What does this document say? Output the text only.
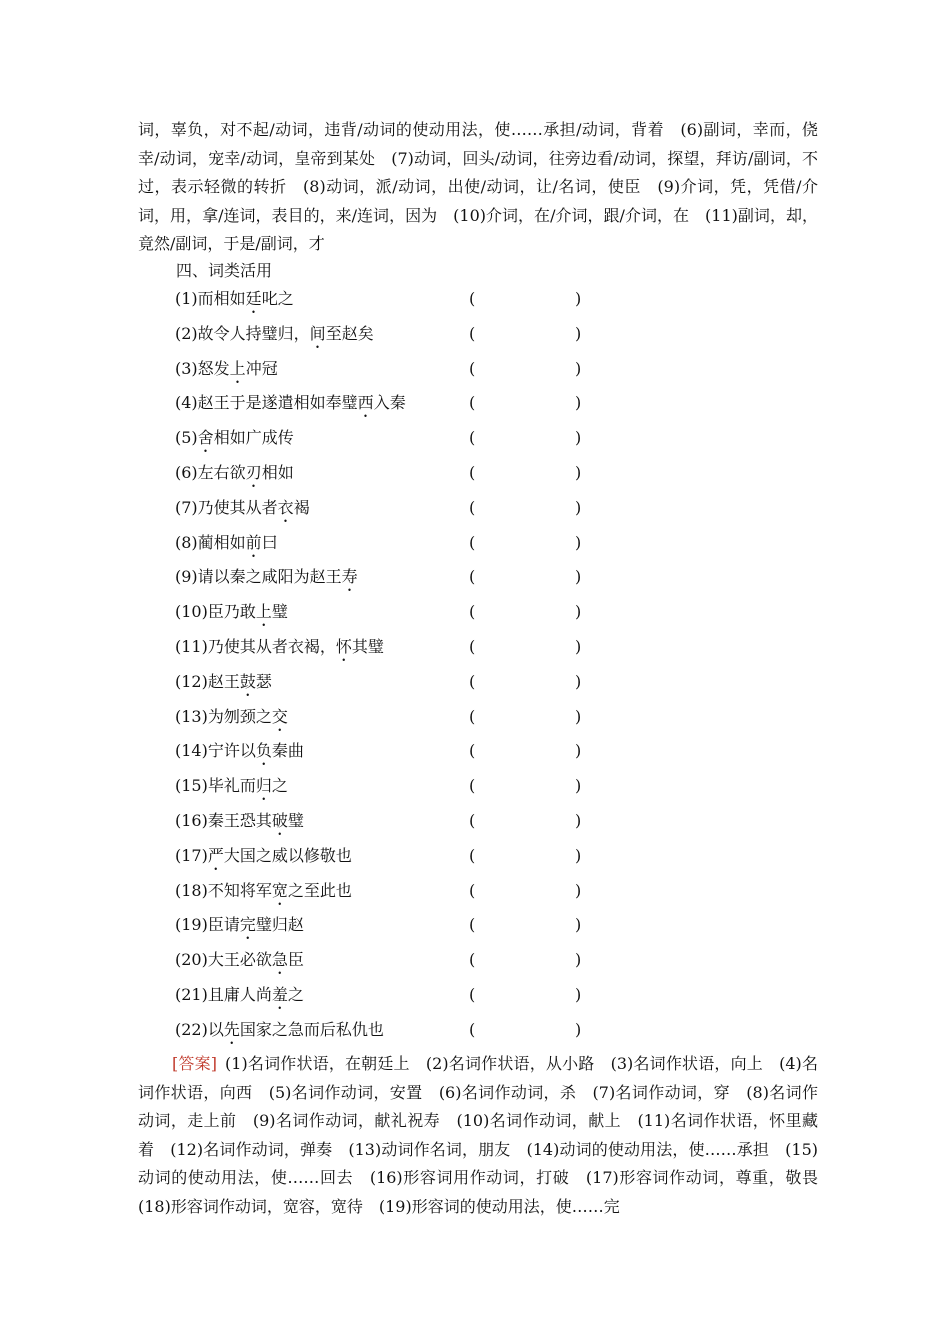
词，辜负，对不起/动词，违背/动词的使动用法，使……承担/动词，背着　(6)副词，幸而，侥幸/动词，宠幸/动词，皇帝到某处　(7)动词，回头/动词，往旁边看/动词，探望，拜访/副词，不过，表示轻微的转折　(8)动词，派/动词，出使/动词，让/名词，使臣　(9)介词，凭，凭借/介词，用，拿/连词，表目的，来/连词，因为　(10)介词，在/介词，跟/介词，在　(11)副词，却，竟然/副词，于是/副词，才
四、词类活用
(1)而相如廷叱之	(	)
(2)故令人持璧归，间至赵矣	(	)
(3)怒发上冲冠	(	)
(4)赵王于是遂遣相如奉璧西入秦	(	)
(5)舍相如广成传	(	)
(6)左右欲刃相如	(	)
(7)乃使其从者衣褐	(	)
(8)蔺相如前曰	(	)
(9)请以秦之咸阳为赵王寿	(	)
(10)臣乃敢上璧	(	)
(11)乃使其从者衣褐，怀其璧	(	)
(12)赵王鼓瑟	(	)
(13)为刎颈之交	(	)
(14)宁许以负秦曲	(	)
(15)毕礼而归之	(	)
(16)秦王恐其破璧	(	)
(17)严大国之威以修敬也	(	)
(18)不知将军宽之至此也	(	)
(19)臣请完璧归赵	(	)
(20)大王必欲急臣	(	)
(21)且庸人尚羞之	(	)
(22)以先国家之急而后私仇也	(	)
[答案] (1)名词作状语，在朝廷上　(2)名词作状语，从小路　(3)名词作状语，向上　(4)名词作状语，向西　(5)名词作动词，安置　(6)名词作动词，杀　(7)名词作动词，穿　(8)名词作动词，走上前　(9)名词作动词，献礼祝寿　(10)名词作动词，献上　(11)名词作状语，怀里藏着　(12)名词作动词，弹奏　(13)动词作名词，朋友　(14)动词的使动用法，使……承担　(15)动词的使动用法，使……回去　(16)形容词用作动词，打破　(17)形容词作动词，尊重，敬畏　(18)形容词作动词，宽容，宽待　(19)形容词的使动用法，使……完
